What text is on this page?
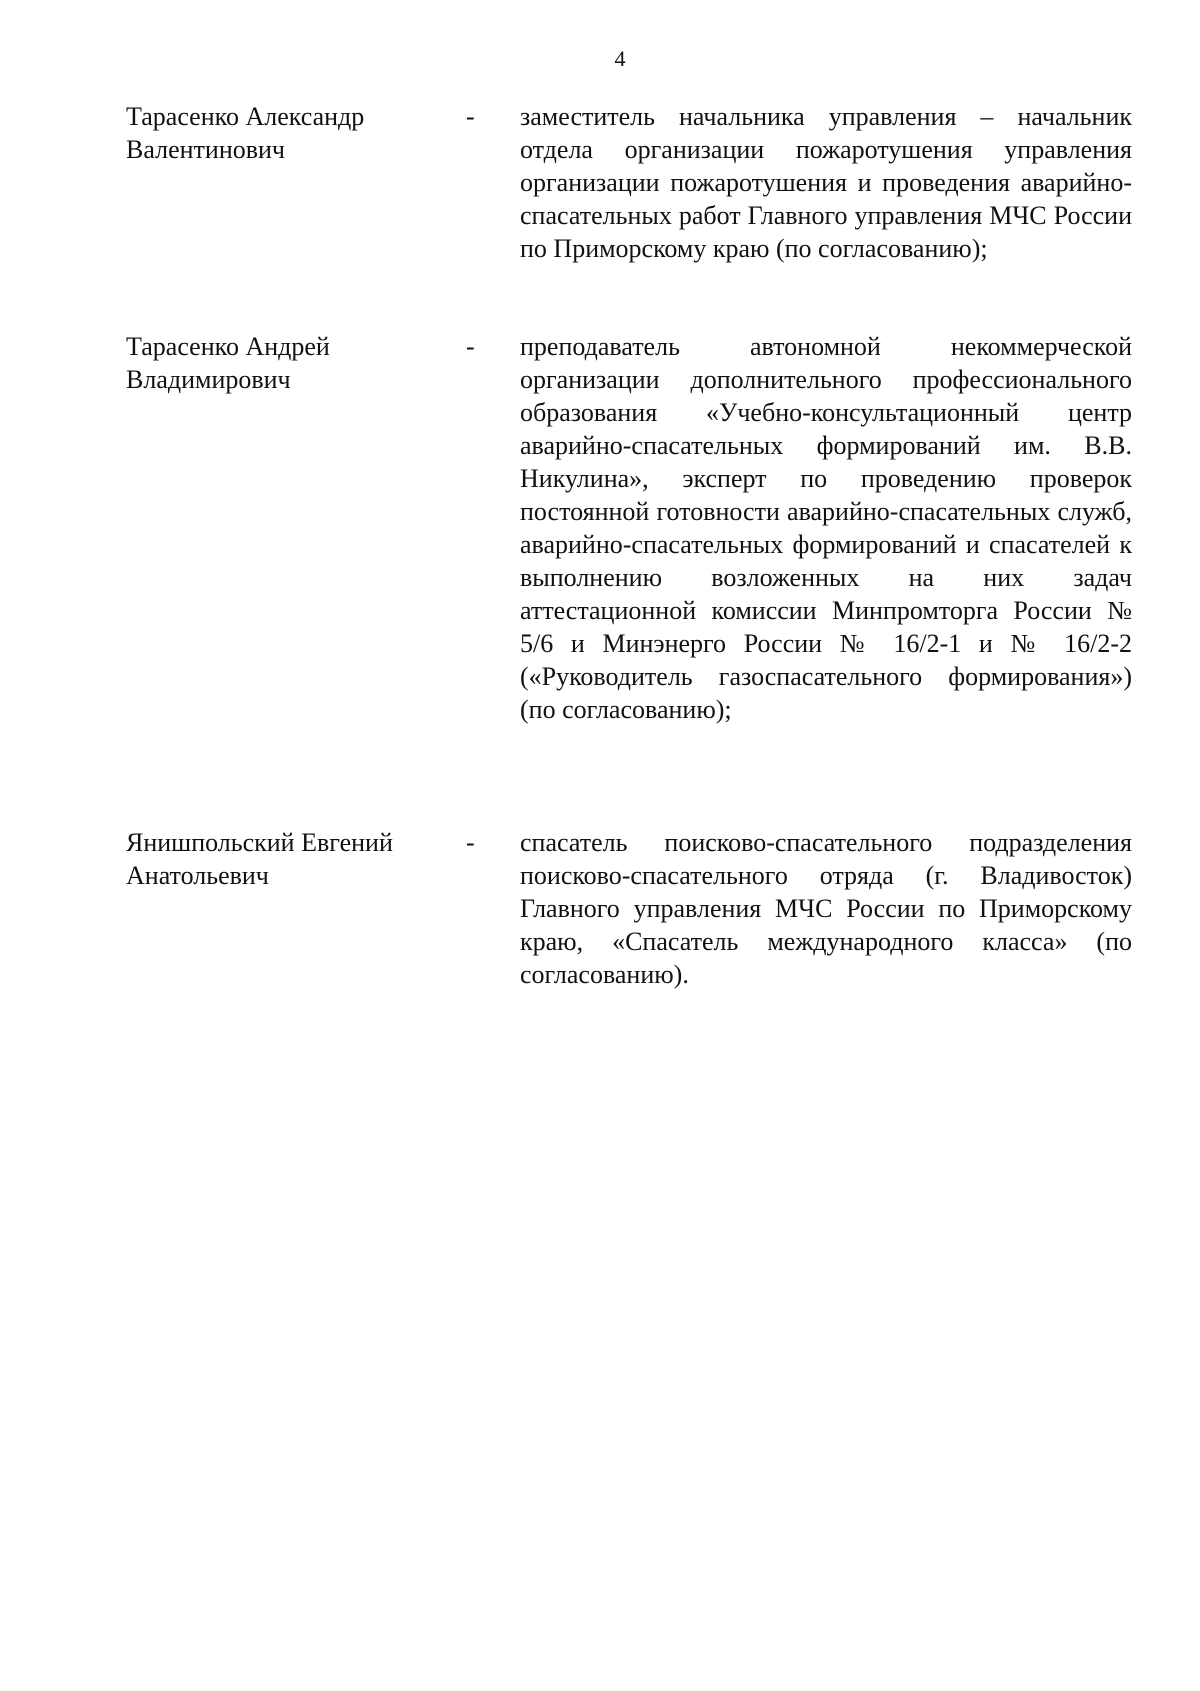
4
Тарасенко Александр Валентинович
- заместитель начальника управления – начальник отдела организации пожаротушения управления организации пожаротушения и проведения аварийно-спасательных работ Главного управления МЧС России по Приморскому краю (по согласованию);
Тарасенко Андрей Владимирович
- преподаватель автономной некоммерческой организации дополнительного профессионального образования «Учебно-консультационный центр аварийно-спасательных формирований им. В.В. Никулина», эксперт по проведению проверок постоянной готовности аварийно-спасательных служб, аварийно-спасательных формирований и спасателей к выполнению возложенных на них задач аттестационной комиссии Минпромторга России № 5/6 и Минэнерго России № 16/2-1 и № 16/2-2 («Руководитель газоспасательного формирования») (по согласованию);
Янишпольский Евгений Анатольевич
- спасатель поисково-спасательного подразделения поисково-спасательного отряда (г. Владивосток) Главного управления МЧС России по Приморскому краю, «Спасатель международного класса» (по согласованию).
